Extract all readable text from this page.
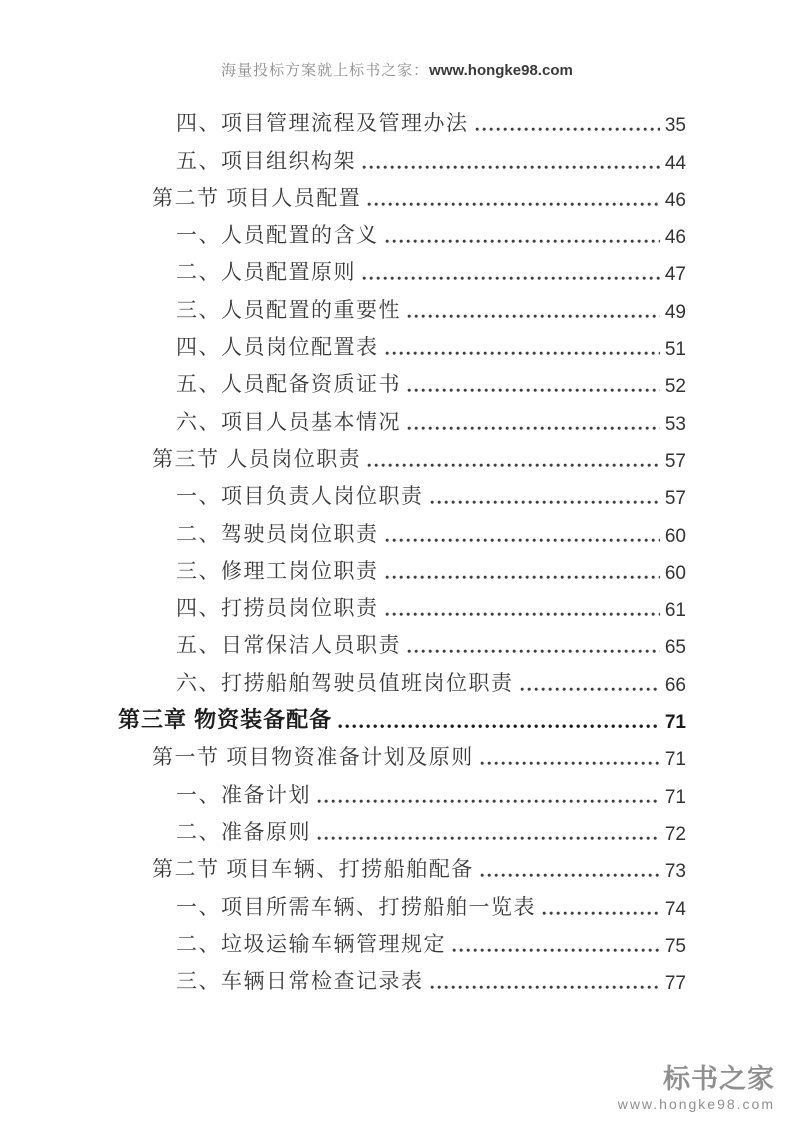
海量投标方案就上标书之家：www.hongke98.com
四、项目管理流程及管理办法	35
五、项目组织构架	44
第二节 项目人员配置	46
一、人员配置的含义	46
二、人员配置原则	47
三、人员配置的重要性	49
四、人员岗位配置表	51
五、人员配备资质证书	52
六、项目人员基本情况	53
第三节 人员岗位职责	57
一、项目负责人岗位职责	57
二、驾驶员岗位职责	60
三、修理工岗位职责	60
四、打捞员岗位职责	61
五、日常保洁人员职责	65
六、打捞船舶驾驶员值班岗位职责	66
第三章 物资装备配备	71
第一节 项目物资准备计划及原则	71
一、准备计划	71
二、准备原则	72
第二节 项目车辆、打捞船舶配备	73
一、项目所需车辆、打捞船舶一览表	74
二、垃圾运输车辆管理规定	75
三、车辆日常检查记录表	77
标书之家
www.hongke98.com
